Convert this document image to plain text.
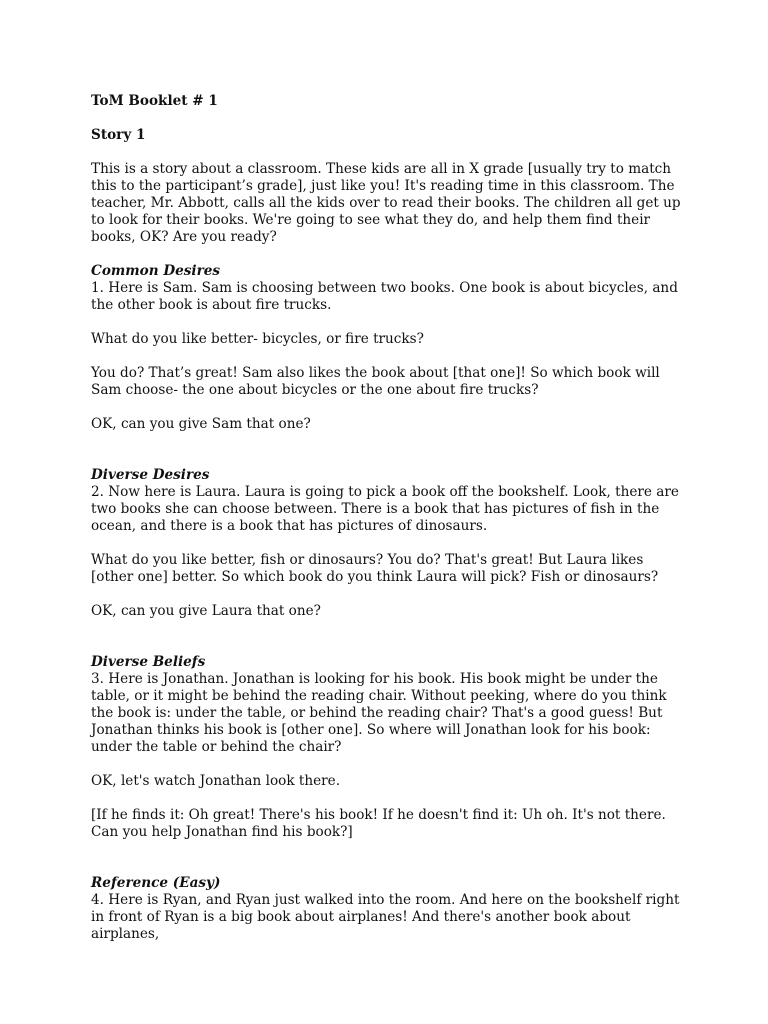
ToM Booklet # 1

Story 1

This is a story about a classroom. These kids are all in X grade [usually try to match this to the participant’s grade], just like you! It's reading time in this classroom. The teacher, Mr. Abbott, calls all the kids over to read their books. The children all get up to look for their books. We're going to see what they do, and help them find their books, OK? Are you ready?

Common Desires

1. Here is Sam. Sam is choosing between two books. One book is about bicycles, and the other book is about fire trucks.

What do you like better- bicycles, or fire trucks?

You do? That’s great! Sam also likes the book about [that one]! So which book will Sam choose- the one about bicycles or the one about fire trucks?

OK, can you give Sam that one?

Diverse Desires

2. Now here is Laura. Laura is going to pick a book off the bookshelf. Look, there are two books she can choose between. There is a book that has pictures of fish in the ocean, and there is a book that has pictures of dinosaurs.

What do you like better, fish or dinosaurs? You do? That's great! But Laura likes [other one] better. So which book do you think Laura will pick? Fish or dinosaurs?

OK, can you give Laura that one?

Diverse Beliefs

3. Here is Jonathan. Jonathan is looking for his book. His book might be under the table, or it might be behind the reading chair. Without peeking, where do you think the book is: under the table, or behind the reading chair? That's a good guess! But Jonathan thinks his book is [other one]. So where will Jonathan look for his book: under the table or behind the chair?

OK, let's watch Jonathan look there.

[If he finds it: Oh great! There's his book! If he doesn't find it: Uh oh. It's not there. Can you help Jonathan find his book?]

Reference (Easy)

4. Here is Ryan, and Ryan just walked into the room. And here on the bookshelf right in front of Ryan is a big book about airplanes! And there's another book about airplanes,
